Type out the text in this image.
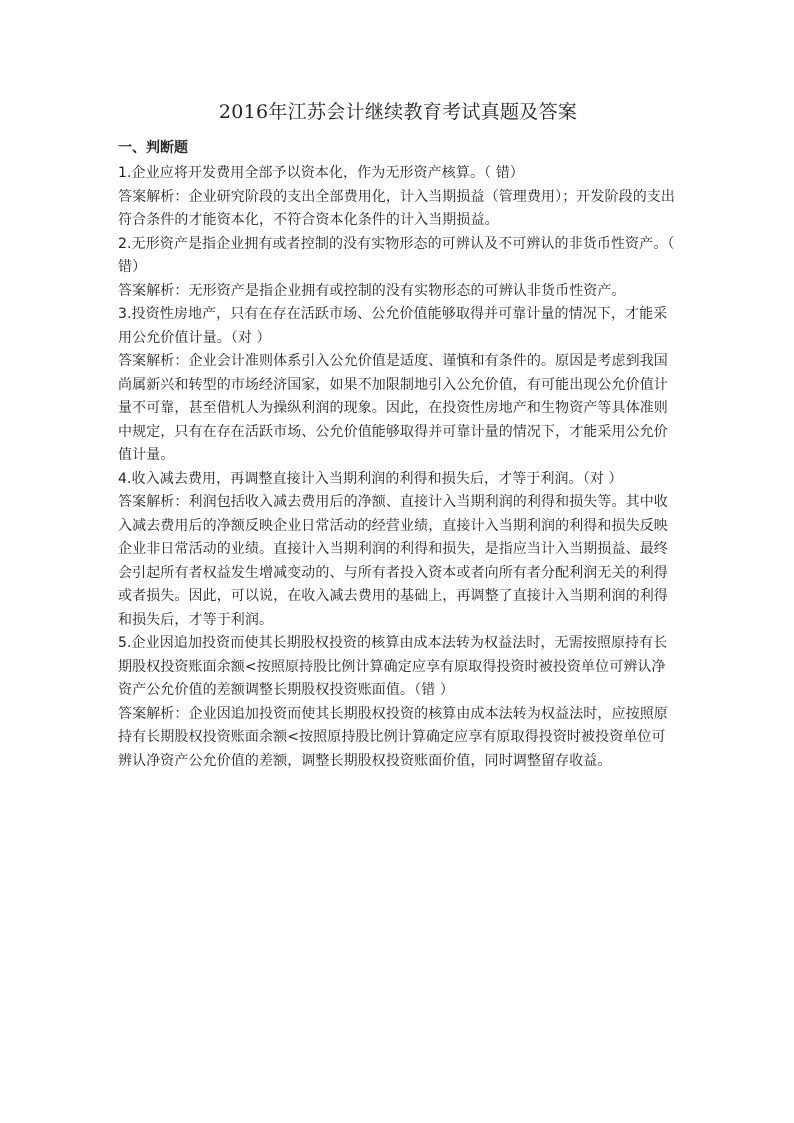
2016年江苏会计继续教育考试真题及答案

一、判断题

1.企业应将开发费用全部予以资本化，作为无形资产核算。（ 错）

答案解析：企业研究阶段的支出全部费用化，计入当期损益（管理费用）；开发阶段的支出符合条件的才能资本化，不符合资本化条件的计入当期损益。

2.无形资产是指企业拥有或者控制的没有实物形态的可辨认及不可辨认的非货币性资产。（ 错）

答案解析：无形资产是指企业拥有或控制的没有实物形态的可辨认非货币性资产。

3.投资性房地产，只有在存在活跃市场、公允价值能够取得并可靠计量的情况下，才能采用公允价值计量。（对 ）

答案解析：企业会计准则体系引入公允价值是适度、谨慎和有条件的。原因是考虑到我国尚属新兴和转型的市场经济国家，如果不加限制地引入公允价值，有可能出现公允价值计量不可靠，甚至借机人为操纵利润的现象。因此，在投资性房地产和生物资产等具体准则中规定，只有在存在活跃市场、公允价值能够取得并可靠计量的情况下，才能采用公允价值计量。

4.收入减去费用，再调整直接计入当期利润的利得和损失后，才等于利润。（对 ）

答案解析：利润包括收入减去费用后的净额、直接计入当期利润的利得和损失等。其中收入减去费用后的净额反映企业日常活动的经营业绩，直接计入当期利润的利得和损失反映企业非日常活动的业绩。直接计入当期利润的利得和损失，是指应当计入当期损益、最终会引起所有者权益发生增减变动的、与所有者投入资本或者向所有者分配利润无关的利得或者损失。因此，可以说，在收入减去费用的基础上，再调整了直接计入当期利润的利得和损失后，才等于利润。

5.企业因追加投资而使其长期股权投资的核算由成本法转为权益法时，无需按照原持有长期股权投资账面余额<按照原持股比例计算确定应享有原取得投资时被投资单位可辨认净资产公允价值的差额调整长期股权投资账面值。（错 ）

答案解析：企业因追加投资而使其长期股权投资的核算由成本法转为权益法时，应按照原持有长期股权投资账面余额<按照原持股比例计算确定应享有原取得投资时被投资单位可辨认净资产公允价值的差额，调整长期股权投资账面价值，同时调整留存收益。
